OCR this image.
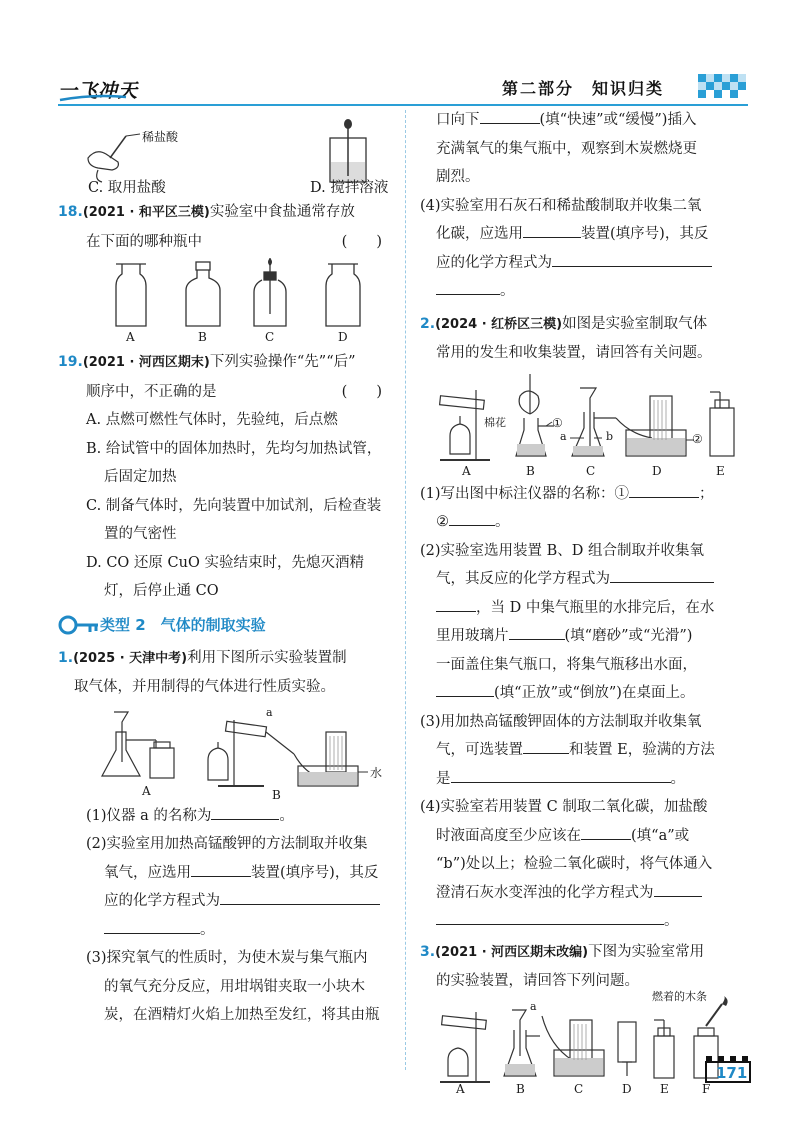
一飞冲天	第二部分　知识归类
稀盐酸
C. 取用盐酸	D. 搅拌溶液
18.(2021 · 和平区三模)实验室中食盐通常存放
在下面的哪种瓶中	(　　)
A	B	C	D
19.(2021 · 河西区期末)下列实验操作“先”“后”
顺序中，不正确的是	(　　)
A. 点燃可燃性气体时，先验纯，后点燃
B. 给试管中的固体加热时，先均匀加热试管，
后固定加热
C. 制备气体时，先向装置中加试剂，后检查装
置的气密性
D. CO 还原 CuO 实验结束时，先熄灭酒精
灯，后停止通 CO
类型 2　气体的制取实验
1.(2025 · 天津中考)利用下图所示实验装置制
取气体，并用制得的气体进行性质实验。
a
水
A	B
(1)仪器 a 的名称为	。
(2)实验室用加热高锰酸钾的方法制取并收集
氧气，应选用	装置(填序号)，其反
应的化学方程式为
。
(3)探究氧气的性质时，为使木炭与集气瓶内
的氧气充分反应，用坩埚钳夹取一小块木
炭，在酒精灯火焰上加热至发红，将其由瓶
口向下	(填“快速”或“缓慢”)插入
充满氧气的集气瓶中，观察到木炭燃烧更
剧烈。
(4)实验室用石灰石和稀盐酸制取并收集二氧
化碳，应选用	装置(填序号)，其反
应的化学方程式为
。
2.(2024 · 红桥区三模)如图是实验室制取气体
常用的发生和收集装置，请回答有关问题。
棉花	①
②
a	b
A	B	C	D	E
(1)写出图中标注仪器的名称：①	；
②	。
(2)实验室选用装置 B、D 组合制取并收集氧
气，其反应的化学方程式为
，当 D 中集气瓶里的水排完后，在水
里用玻璃片	(填“磨砂”或“光滑”)
一面盖住集气瓶口，将集气瓶移出水面，
(填“正放”或“倒放”)在桌面上。
(3)用加热高锰酸钾固体的方法制取并收集氧
气，可选装置	和装置 E，验满的方法
是	。
(4)实验室若用装置 C 制取二氧化碳，加盐酸
时液面高度至少应该在	(填“a”或
“b”)处以上；检验二氧化碳时，将气体通入
澄清石灰水变浑浊的化学方程式为
。
3.(2021 · 河西区期末改编)下图为实验室常用
的实验装置，请回答下列问题。
燃着的木条
a
A	B	C	D E	F
171
